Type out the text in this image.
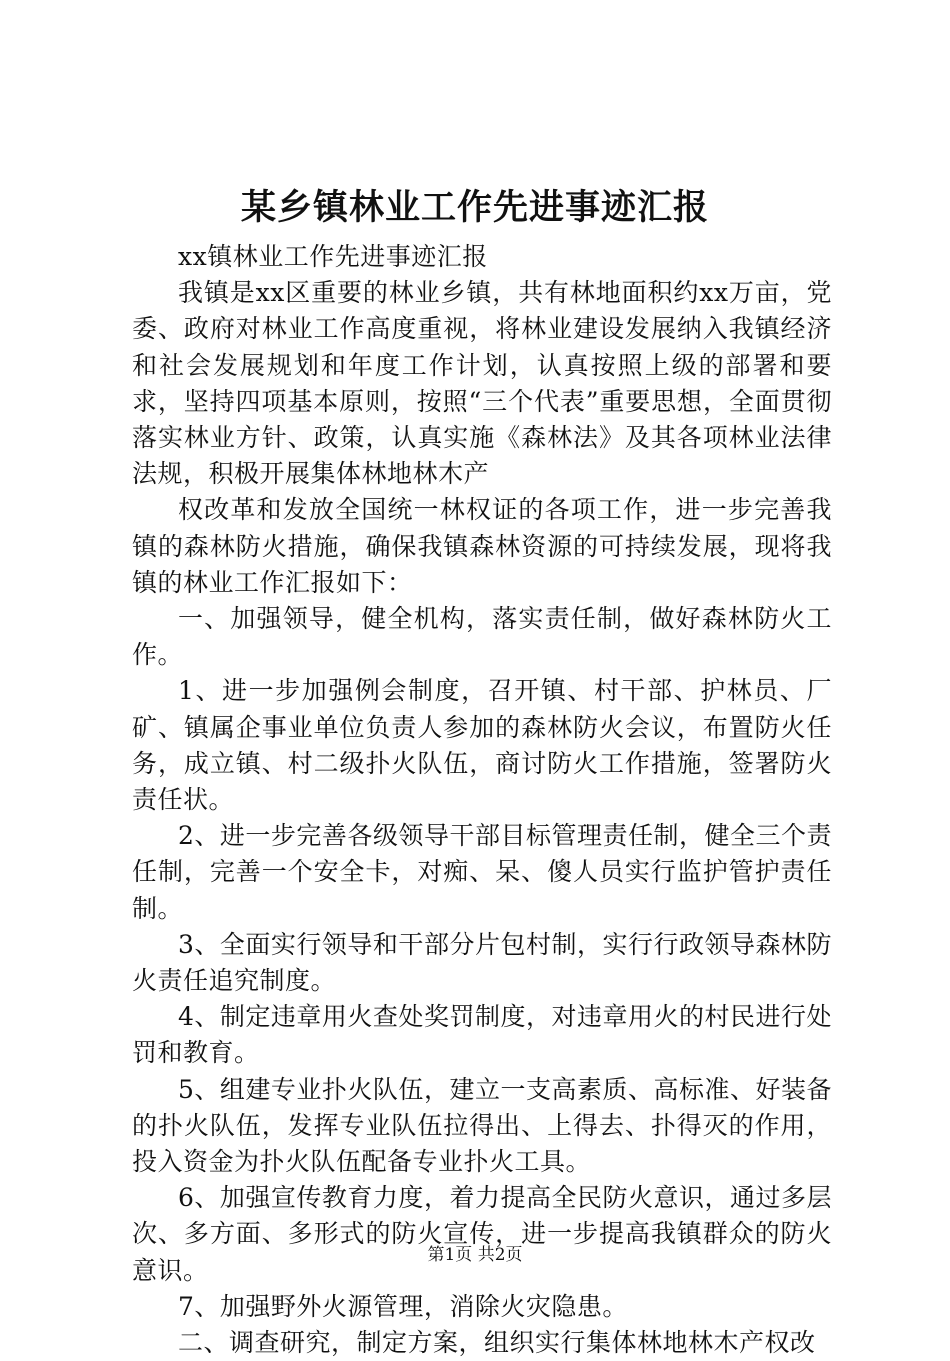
某乡镇林业工作先进事迹汇报

xx镇林业工作先进事迹汇报

我镇是xx区重要的林业乡镇，共有林地面积约xx万亩，党委、政府对林业工作高度重视，将林业建设发展纳入我镇经济和社会发展规划和年度工作计划，认真按照上级的部署和要求，坚持四项基本原则，按照“三个代表”重要思想，全面贯彻落实林业方针、政策，认真实施《森林法》及其各项林业法律法规，积极开展集体林地林木产

权改革和发放全国统一林权证的各项工作，进一步完善我镇的森林防火措施，确保我镇森林资源的可持续发展，现将我镇的林业工作汇报如下：

一、加强领导，健全机构，落实责任制，做好森林防火工作。

1、进一步加强例会制度，召开镇、村干部、护林员、厂矿、镇属企事业单位负责人参加的森林防火会议，布置防火任务，成立镇、村二级扑火队伍，商讨防火工作措施，签署防火责任状。

2、进一步完善各级领导干部目标管理责任制，健全三个责任制，完善一个安全卡，对痴、呆、傻人员实行监护管护责任制。

3、全面实行领导和干部分片包村制，实行行政领导森林防火责任追究制度。

4、制定违章用火查处奖罚制度，对违章用火的村民进行处罚和教育。

5、组建专业扑火队伍，建立一支高素质、高标准、好装备的扑火队伍，发挥专业队伍拉得出、上得去、扑得灭的作用，投入资金为扑火队伍配备专业扑火工具。

6、加强宣传教育力度，着力提高全民防火意识，通过多层次、多方面、多形式的防火宣传，进一步提高我镇群众的防火意识。

7、加强野外火源管理，消除火灾隐患。

二、调查研究，制定方案，组织实行集体林地林木产权改

第1页 共2页
